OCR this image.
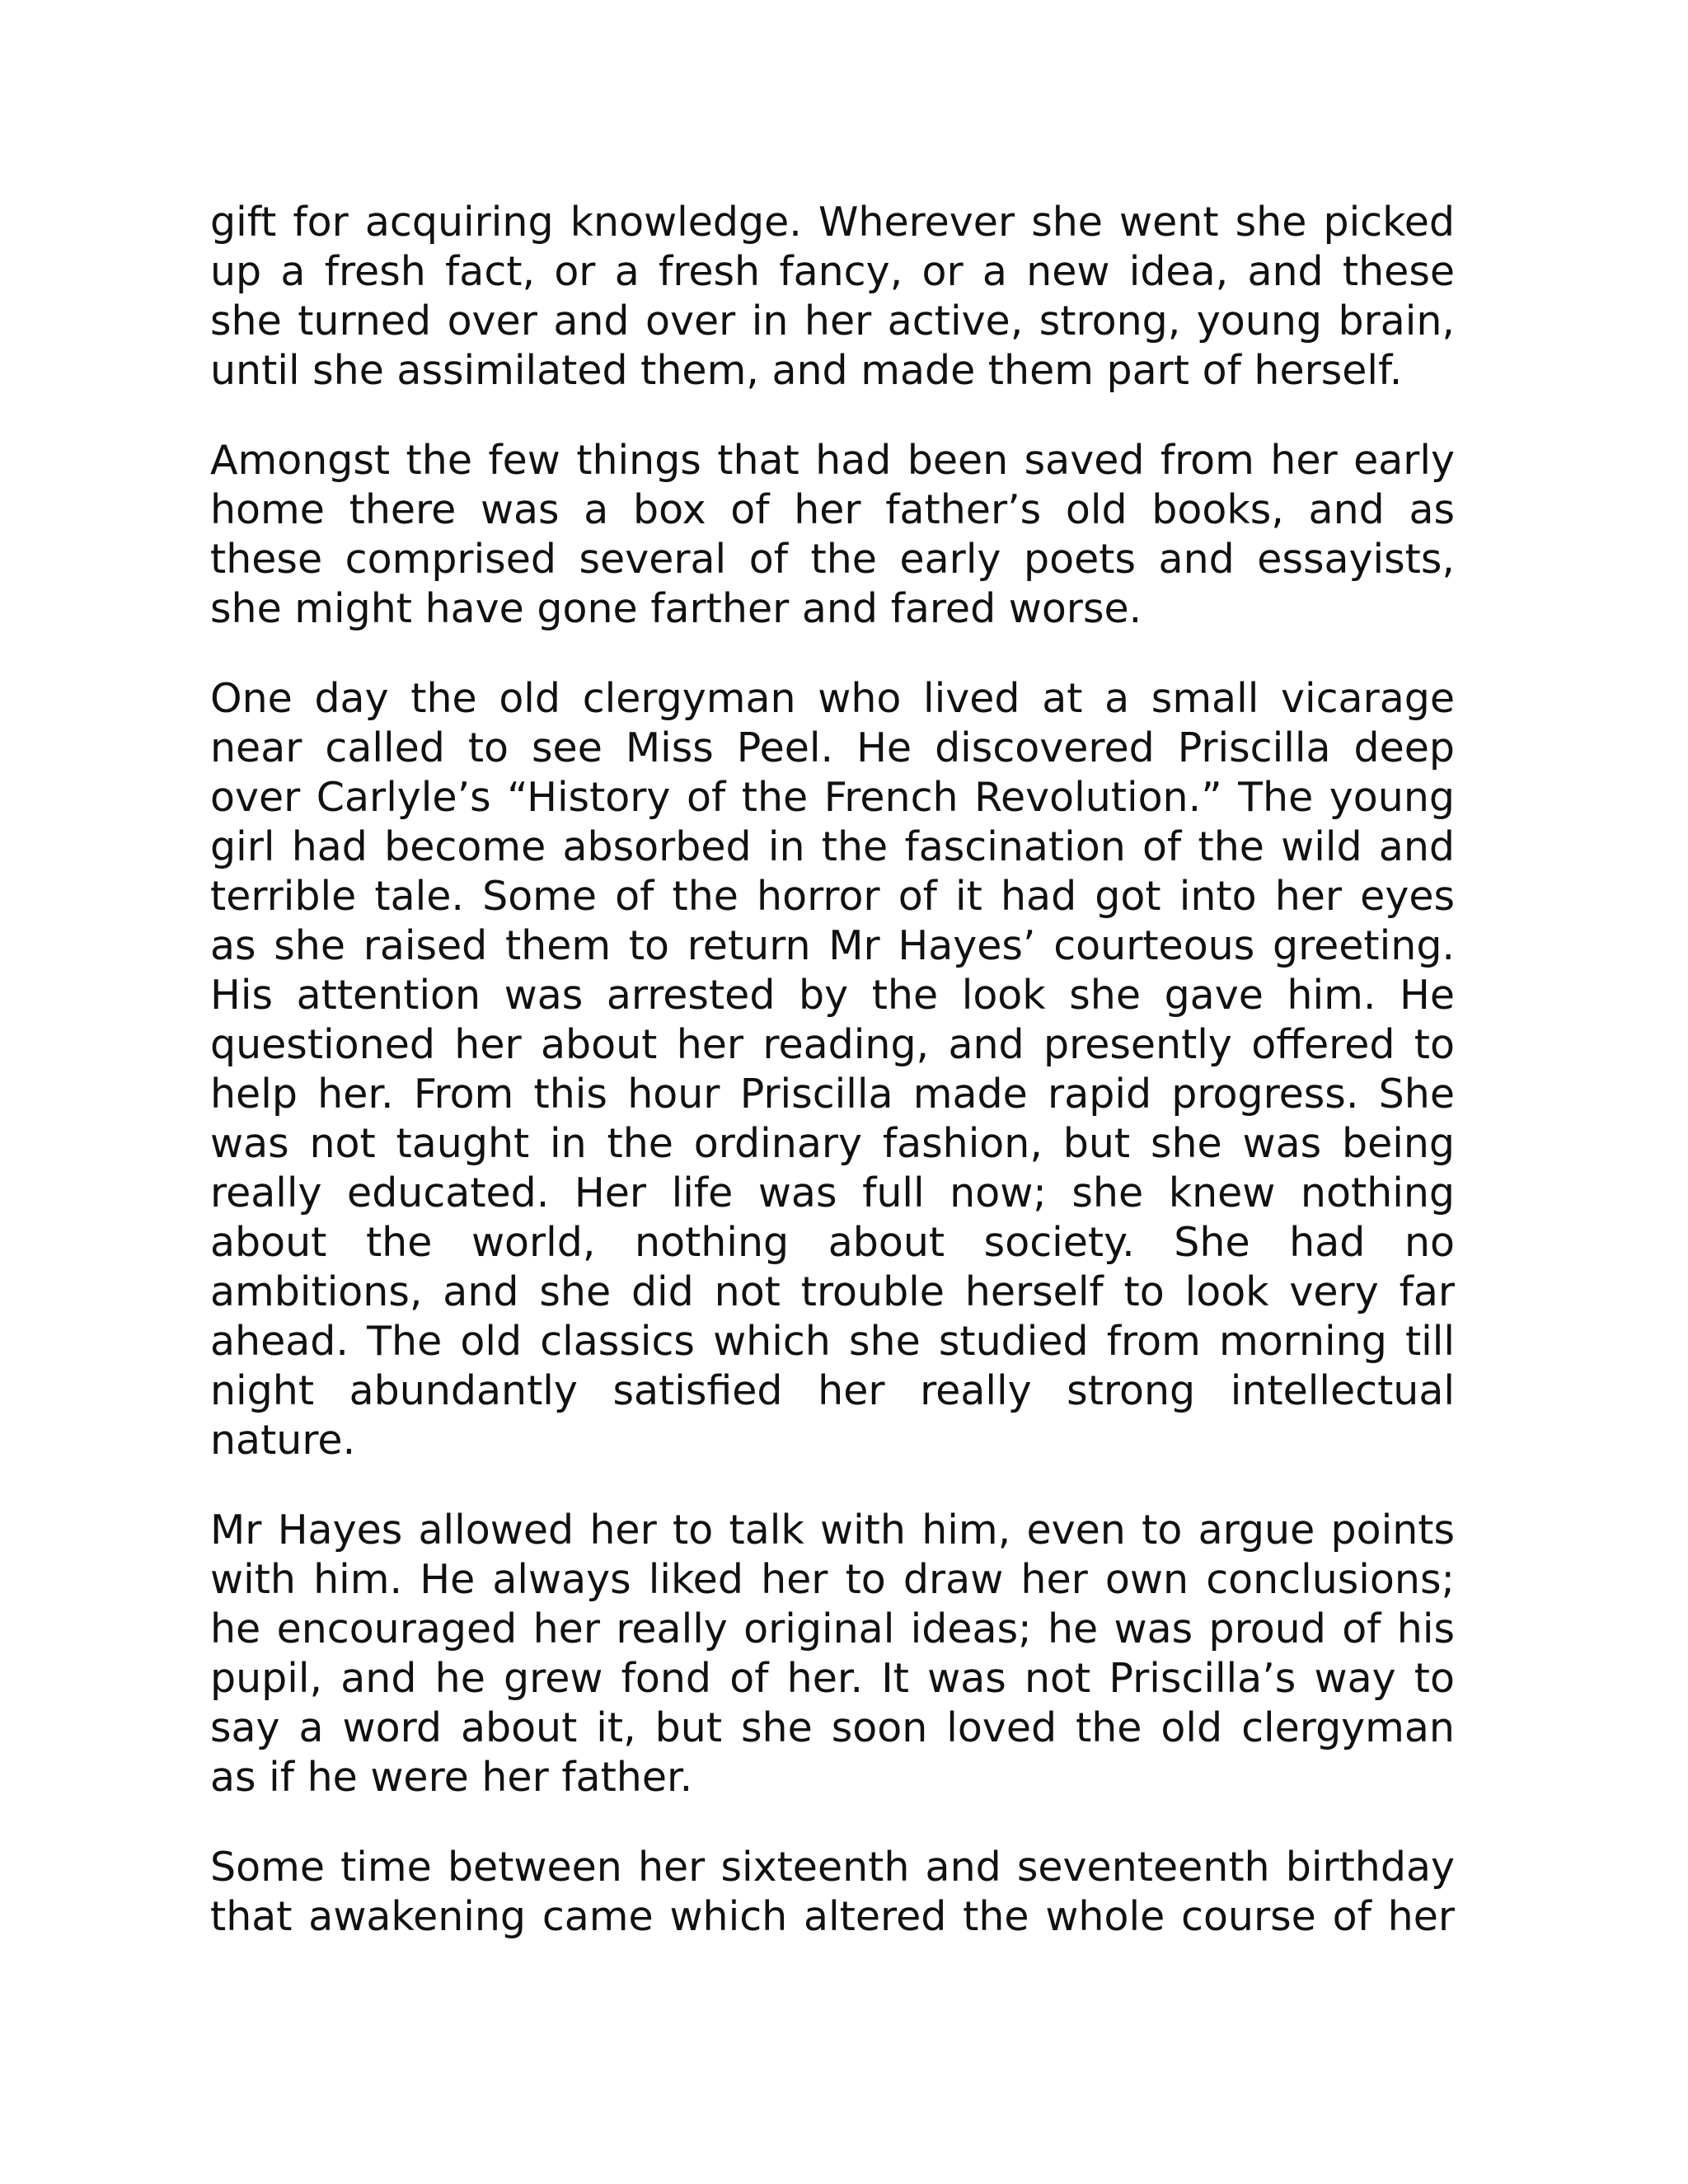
gift for acquiring knowledge. Wherever she went she picked
up a fresh fact, or a fresh fancy, or a new idea, and these
she turned over and over in her active, strong, young brain,
until she assimilated them, and made them part of herself.

Amongst the few things that had been saved from her early
home there was a box of her father’s old books, and as
these comprised several of the early poets and essayists,
she might have gone farther and fared worse.

One day the old clergyman who lived at a small vicarage
near called to see Miss Peel. He discovered Priscilla deep
over Carlyle’s “History of the French Revolution.” The young
girl had become absorbed in the fascination of the wild and
terrible tale. Some of the horror of it had got into her eyes
as she raised them to return Mr Hayes’ courteous greeting.
His attention was arrested by the look she gave him. He
questioned her about her reading, and presently offered to
help her. From this hour Priscilla made rapid progress. She
was not taught in the ordinary fashion, but she was being
really educated. Her life was full now; she knew nothing
about the world, nothing about society. She had no
ambitions, and she did not trouble herself to look very far
ahead. The old classics which she studied from morning till
night abundantly satisfied her really strong intellectual
nature.

Mr Hayes allowed her to talk with him, even to argue points
with him. He always liked her to draw her own conclusions;
he encouraged her really original ideas; he was proud of his
pupil, and he grew fond of her. It was not Priscilla’s way to
say a word about it, but she soon loved the old clergyman
as if he were her father.

Some time between her sixteenth and seventeenth birthday
that awakening came which altered the whole course of her
